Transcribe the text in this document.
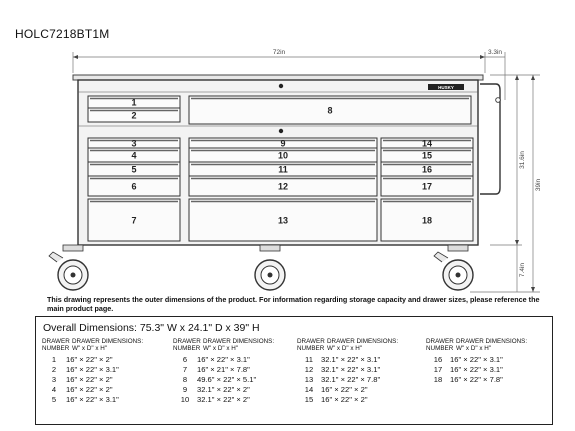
HOLC7218BT1M
72in	3.3in
31.6in
39in
7.4in
HUSKY
1
2
3
4
5
6
7
8
9
10
11
12
13
14
15
16
17
18
This drawing represents the outer dimensions of the product. For information regarding storage capacity and drawer sizes, please reference the main product page.
Overall Dimensions: 75.3" W x 24.1" D x 39" H
DRAWER DRAWER DIMENSIONS:
NUMBER W" x D" x H"
1 16" × 22" × 2"
2 16" × 22" × 3.1"
3 16" × 22" × 2"
4 16" × 22" × 2"
5 16" × 22" × 3.1"
DRAWER DRAWER DIMENSIONS:
NUMBER W" x D" x H"
6 16" × 22" × 3.1"
7 16" × 21" × 7.8"
8 49.6" × 22" × 5.1"
9 32.1" × 22" × 2"
10 32.1" × 22" × 2"
DRAWER DRAWER DIMENSIONS:
NUMBER W" x D" x H"
11 32.1" × 22" × 3.1"
12 32.1" × 22" × 3.1"
13 32.1" × 22" × 7.8"
14 16" × 22" × 2"
15 16" × 22" × 2"
DRAWER DRAWER DIMENSIONS:
NUMBER W" x D" x H"
16 16" × 22" × 3.1"
17 16" × 22" × 3.1"
18 16" × 22" × 7.8"
